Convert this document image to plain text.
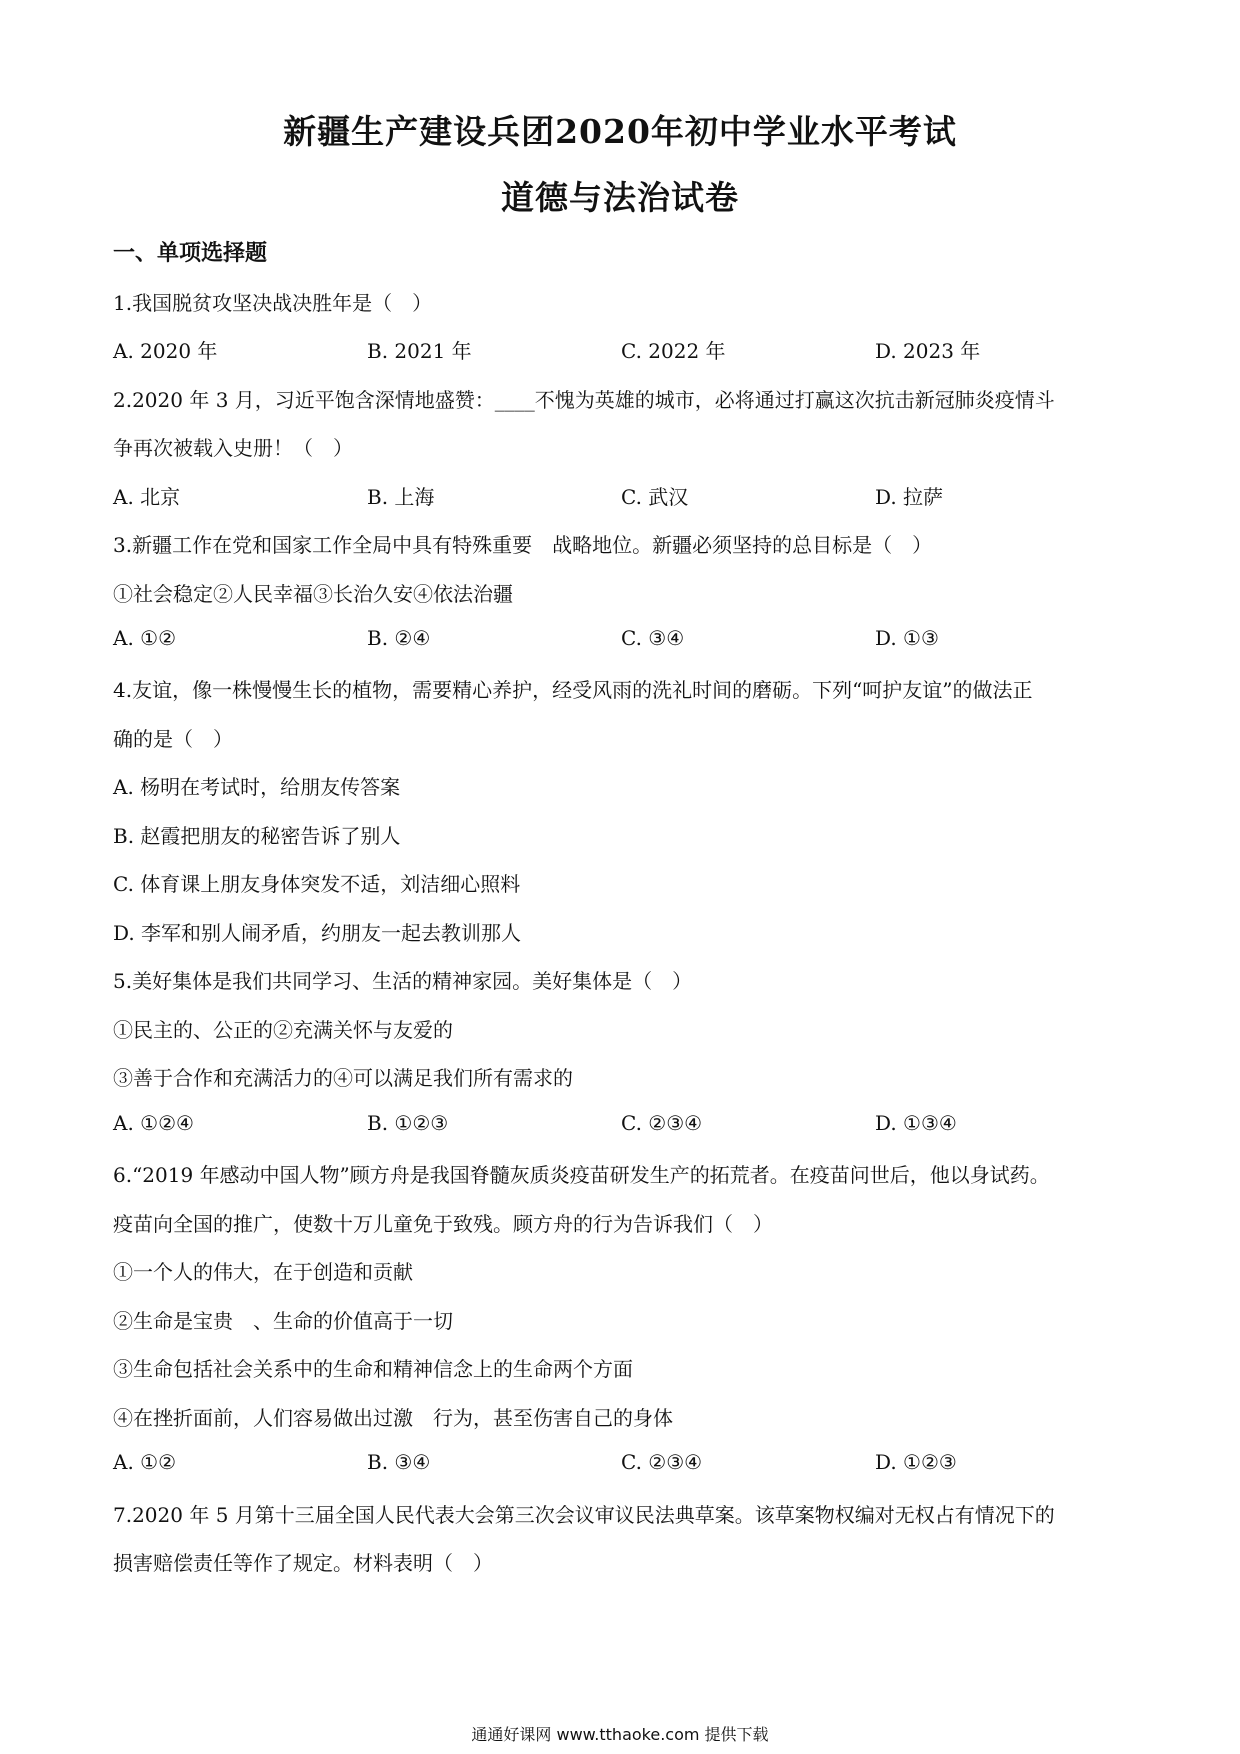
新疆生产建设兵团2020年初中学业水平考试
道德与法治试卷
一、单项选择题
1.我国脱贫攻坚决战决胜年是（　）
A. 2020 年	B. 2021 年	C. 2022 年	D. 2023 年
2.2020 年 3 月，习近平饱含深情地盛赞：____不愧为英雄的城市，必将通过打赢这次抗击新冠肺炎疫情斗
争再次被载入史册！（　）
A. 北京	B. 上海	C. 武汉	D. 拉萨
3.新疆工作在党和国家工作全局中具有特殊重要　战略地位。新疆必须坚持的总目标是（　）
①社会稳定②人民幸福③长治久安④依法治疆
A. ①②	B. ②④	C. ③④	D. ①③
4.友谊，像一株慢慢生长的植物，需要精心养护，经受风雨的洗礼时间的磨砺。下列“呵护友谊”的做法正
确的是（　）
A. 杨明在考试时，给朋友传答案
B. 赵霞把朋友的秘密告诉了别人
C. 体育课上朋友身体突发不适，刘洁细心照料
D. 李军和别人闹矛盾，约朋友一起去教训那人
5.美好集体是我们共同学习、生活的精神家园。美好集体是（　）
①民主的、公正的②充满关怀与友爱的
③善于合作和充满活力的④可以满足我们所有需求的
A. ①②④	B. ①②③	C. ②③④	D. ①③④
6.“2019 年感动中国人物”顾方舟是我国脊髓灰质炎疫苗研发生产的拓荒者。在疫苗问世后，他以身试药。
疫苗向全国的推广，使数十万儿童免于致残。顾方舟的行为告诉我们（　）
①一个人的伟大，在于创造和贡献
②生命是宝贵　、生命的价值高于一切
③生命包括社会关系中的生命和精神信念上的生命两个方面
④在挫折面前，人们容易做出过激　行为，甚至伤害自己的身体
A. ①②	B. ③④	C. ②③④	D. ①②③
7.2020 年 5 月第十三届全国人民代表大会第三次会议审议民法典草案。该草案物权编对无权占有情况下的
损害赔偿责任等作了规定。材料表明（　）
通通好课网 www.tthaoke.com 提供下载
